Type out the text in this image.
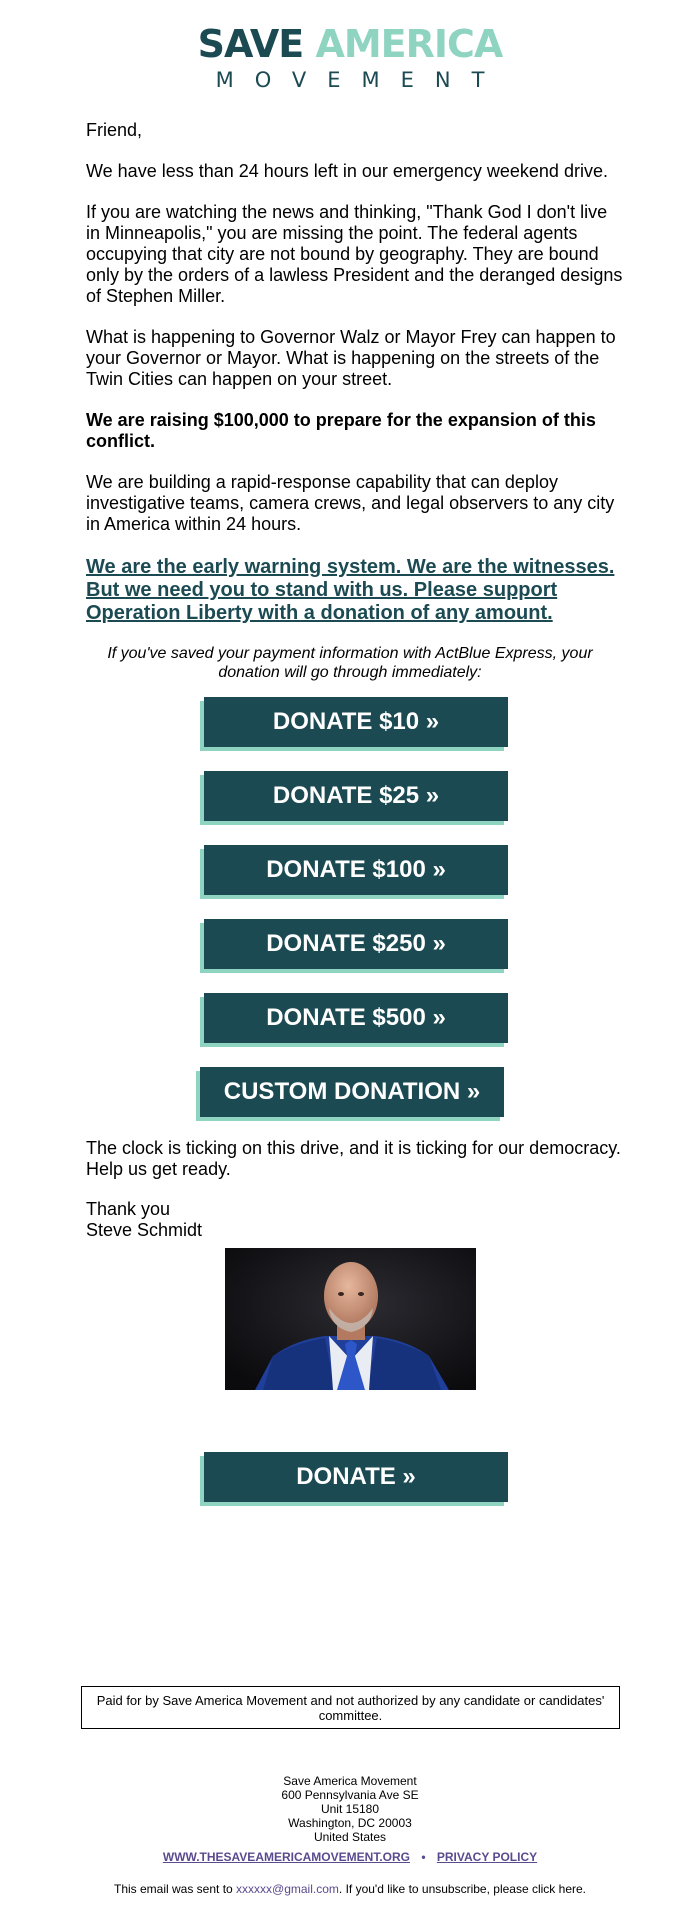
SAVE AMERICA
MOVEMENT

Friend,

We have less than 24 hours left in our emergency weekend drive.

If you are watching the news and thinking, "Thank God I don't live in Minneapolis," you are missing the point. The federal agents occupying that city are not bound by geography. They are bound only by the orders of a lawless President and the deranged designs of Stephen Miller.

What is happening to Governor Walz or Mayor Frey can happen to your Governor or Mayor. What is happening on the streets of the Twin Cities can happen on your street.

We are raising $100,000 to prepare for the expansion of this conflict.

We are building a rapid-response capability that can deploy investigative teams, camera crews, and legal observers to any city in America within 24 hours.

We are the early warning system. We are the witnesses. But we need you to stand with us. Please support Operation Liberty with a donation of any amount.
If you've saved your payment information with ActBlue Express, your donation will go through immediately:
DONATE $10 »
DONATE $25 »
DONATE $100 »
DONATE $250 »
DONATE $500 »
CUSTOM DONATION »

The clock is ticking on this drive, and it is ticking for our democracy. Help us get ready.

Thank you

Steve Schmidt

DONATE »
Paid for by Save America Movement and not authorized by any candidate or candidates' committee.
Save America Movement
600 Pennsylvania Ave SE
Unit 15180
Washington, DC 20003
United States
WWW.THESAVEAMERICAMOVEMENT.ORG • PRIVACY POLICY
This email was sent to xxxxxx@gmail.com. If you'd like to unsubscribe, please click here.
